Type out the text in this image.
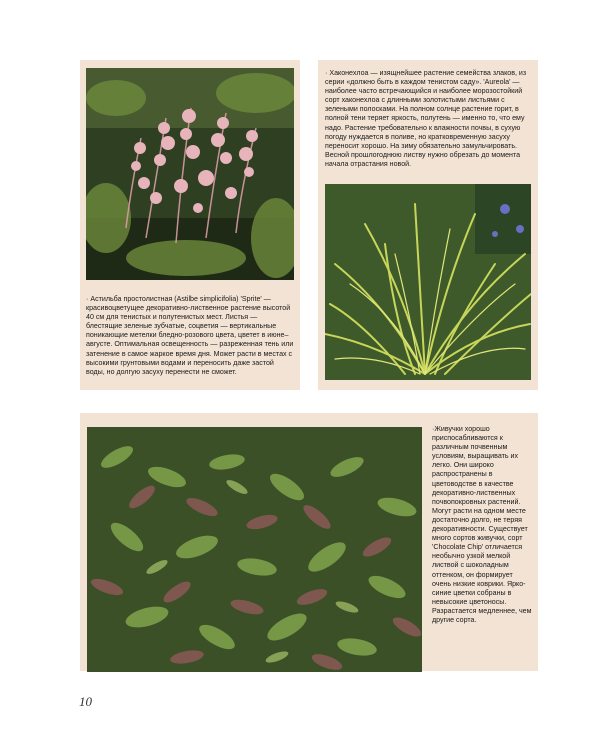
· Астильба простолистная (Astilbe simplicifolia) 'Sprite' — красивоцветущее декоративно-лиственное растение высотой 40 см для тенистых и полутенистых мест. Листья — блестящие зеленые зубчатые, соцветия — вертикальные поникающие метелки бледно-розового цвета, цветет в июне–августе. Оптимальная освещенность — разреженная тень или затенение в самое жаркое время дня. Может расти в местах с высокими грунтовыми водами и переносить даже застой воды, но долгую засуху перенести не сможет.

· Хаконехлоа — изящнейшее растение семейства злаков, из серии «должно быть в каждом тенистом саду». 'Aureola' — наиболее часто встречающийся и наиболее морозостойкий сорт хаконехлоа с длинными золотистыми листьями с зелеными полосками. На полном солнце растение горит, в полной тени теряет яркость, полутень — именно то, что ему надо. Растение требовательно к влажности почвы, в сухую погоду нуждается в поливе, но кратковременную засуху переносит хорошо. На зиму обязательно замульчировать. Весной прошлогоднюю листву нужно обрезать до момента начала отрастания новой.

·Живучки хорошо приспосабливаются к различным почвенным условиям, выращивать их легко. Они широко распространены в цветоводстве в качестве декоративно-лиственных почвопокровных растений. Могут расти на одном месте достаточно долго, не теряя декоративности. Существует много сортов живучки, сорт 'Chocolate Chip' отличается необычно узкой мелкой листвой с шоколадным оттенком, он формирует очень низкие коврики. Ярко-синие цветки собраны в невысокие цветоносы. Разрастается медленнее, чем другие сорта.

10
